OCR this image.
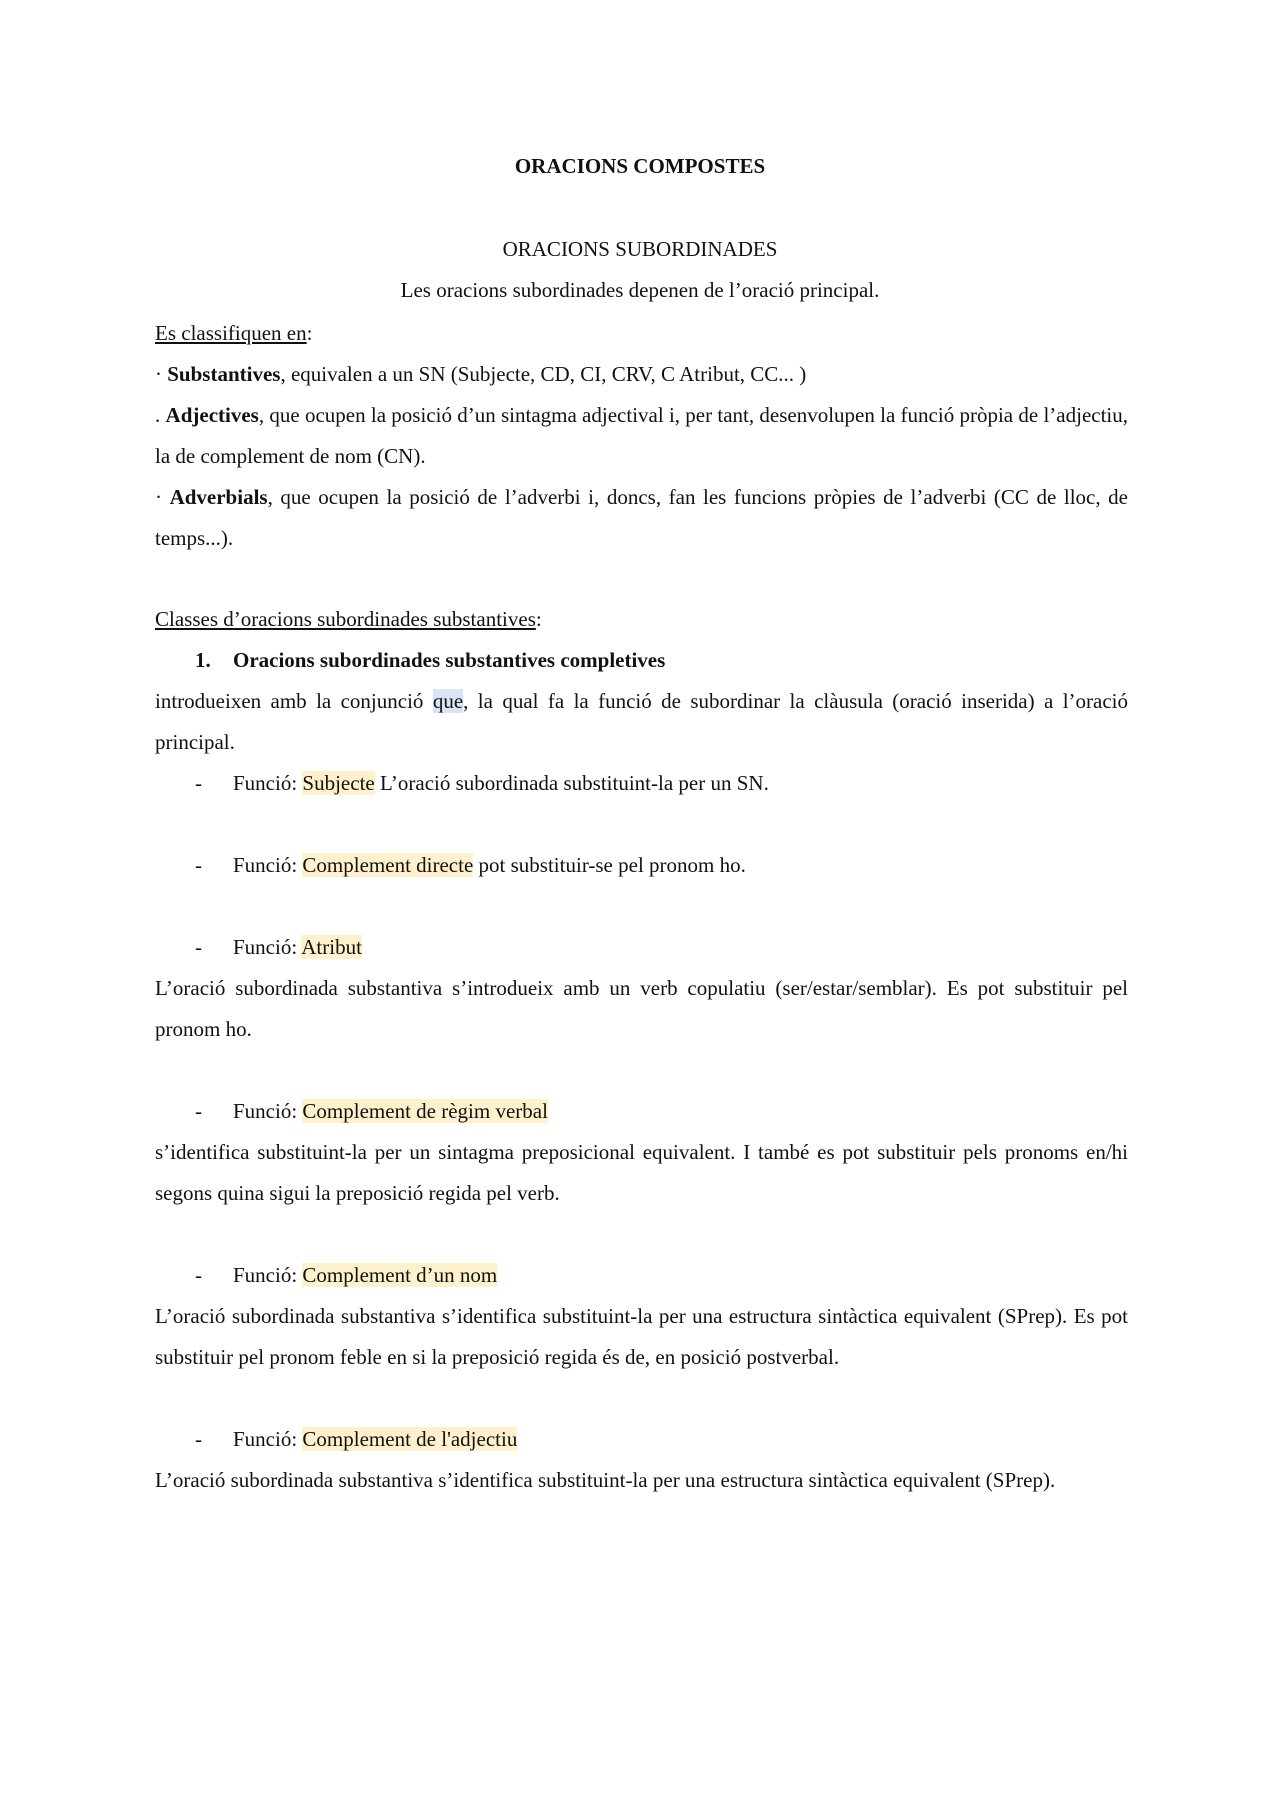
ORACIONS COMPOSTES
ORACIONS SUBORDINADES
Les oracions subordinades depenen de l’oració principal.
Es classifiquen en:
· Substantives, equivalen a un SN (Subjecte, CD, CI, CRV, C Atribut, CC... )
. Adjectives, que ocupen la posició d’un sintagma adjectival i, per tant, desenvolupen la funció pròpia de l’adjectiu, la de complement de nom (CN).
· Adverbials, que ocupen la posició de l’adverbi i, doncs, fan les funcions pròpies de l’adverbi (CC de lloc, de temps...).
Classes d’oracions subordinades substantives:
1. Oracions subordinades substantives completives
introdueixen amb la conjunció que, la qual fa la funció de subordinar la clàusula (oració inserida) a l’oració principal.
- Funció: Subjecte L’oració subordinada substituint-la per un SN.
- Funció: Complement directe pot substituir-se pel pronom ho.
- Funció: Atribut
L’oració subordinada substantiva s’introdueix amb un verb copulatiu (ser/estar/semblar). Es pot substituir pel pronom ho.
- Funció: Complement de règim verbal
s’identifica substituint-la per un sintagma preposicional equivalent. I també es pot substituir pels pronoms en/hi segons quina sigui la preposició regida pel verb.
- Funció: Complement d’un nom
L’oració subordinada substantiva s’identifica substituint-la per una estructura sintàctica equivalent (SPrep). Es pot substituir pel pronom feble en si la preposició regida és de, en posició postverbal.
- Funció: Complement de l'adjectiu
L’oració subordinada substantiva s’identifica substituint-la per una estructura sintàctica equivalent (SPrep).
